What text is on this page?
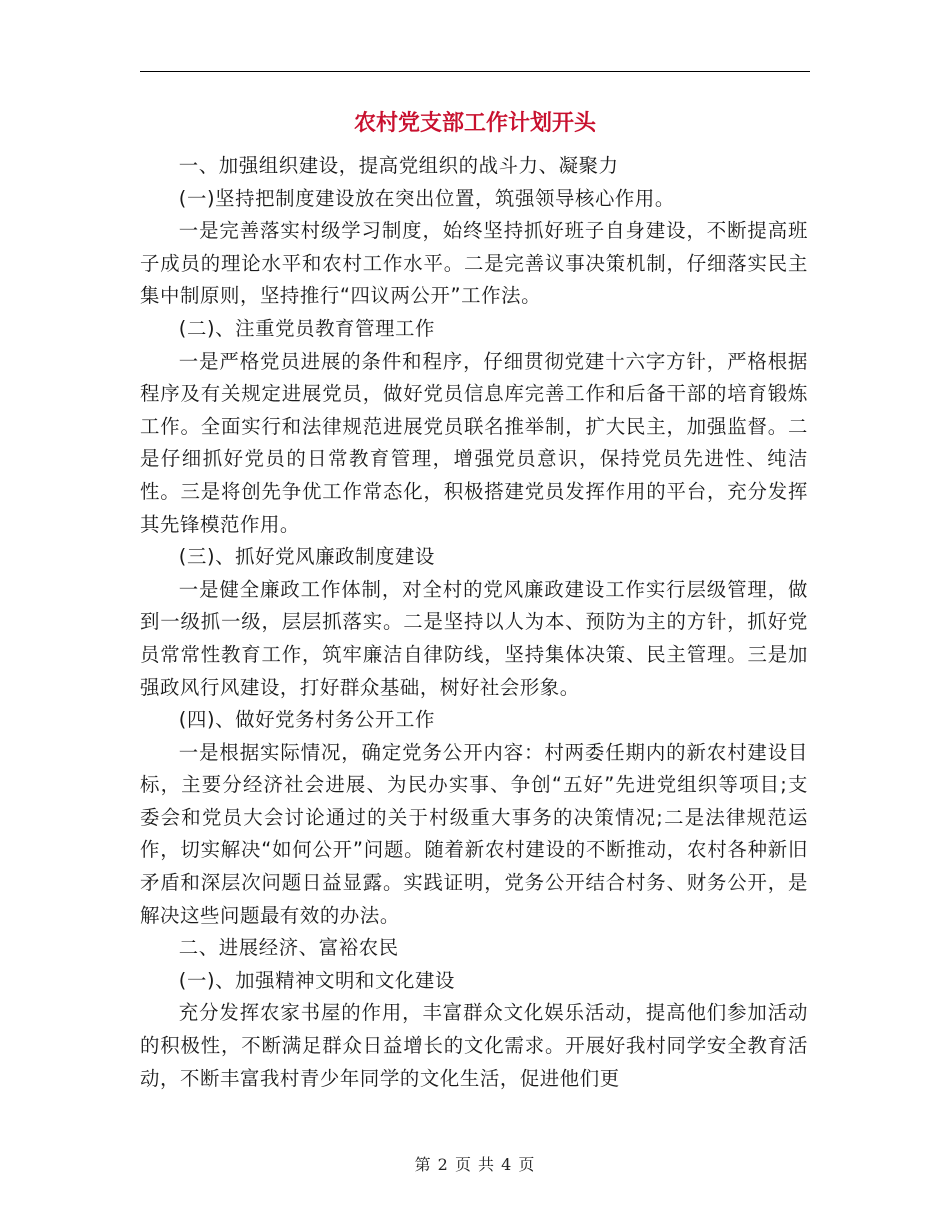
农村党支部工作计划开头

一、加强组织建设，提高党组织的战斗力、凝聚力

(一)坚持把制度建设放在突出位置，筑强领导核心作用。

一是完善落实村级学习制度，始终坚持抓好班子自身建设，不断提高班子成员的理论水平和农村工作水平。二是完善议事决策机制，仔细落实民主集中制原则，坚持推行“四议两公开”工作法。

(二)、注重党员教育管理工作

一是严格党员进展的条件和程序，仔细贯彻党建十六字方针，严格根据程序及有关规定进展党员，做好党员信息库完善工作和后备干部的培育锻炼工作。全面实行和法律规范进展党员联名推举制，扩大民主，加强监督。二是仔细抓好党员的日常教育管理，增强党员意识，保持党员先进性、纯洁性。三是将创先争优工作常态化，积极搭建党员发挥作用的平台，充分发挥其先锋模范作用。

(三)、抓好党风廉政制度建设

一是健全廉政工作体制，对全村的党风廉政建设工作实行层级管理，做到一级抓一级，层层抓落实。二是坚持以人为本、预防为主的方针，抓好党员常常性教育工作，筑牢廉洁自律防线，坚持集体决策、民主管理。三是加强政风行风建设，打好群众基础，树好社会形象。

(四)、做好党务村务公开工作

一是根据实际情况，确定党务公开内容：村两委任期内的新农村建设目标，主要分经济社会进展、为民办实事、争创“五好”先进党组织等项目;支委会和党员大会讨论通过的关于村级重大事务的决策情况;二是法律规范运作，切实解决“如何公开”问题。随着新农村建设的不断推动，农村各种新旧矛盾和深层次问题日益显露。实践证明，党务公开结合村务、财务公开，是解决这些问题最有效的办法。

二、进展经济、富裕农民

(一)、加强精神文明和文化建设

充分发挥农家书屋的作用，丰富群众文化娱乐活动，提高他们参加活动的积极性，不断满足群众日益增长的文化需求。开展好我村同学安全教育活动，不断丰富我村青少年同学的文化生活，促进他们更

第 2 页 共 4 页
